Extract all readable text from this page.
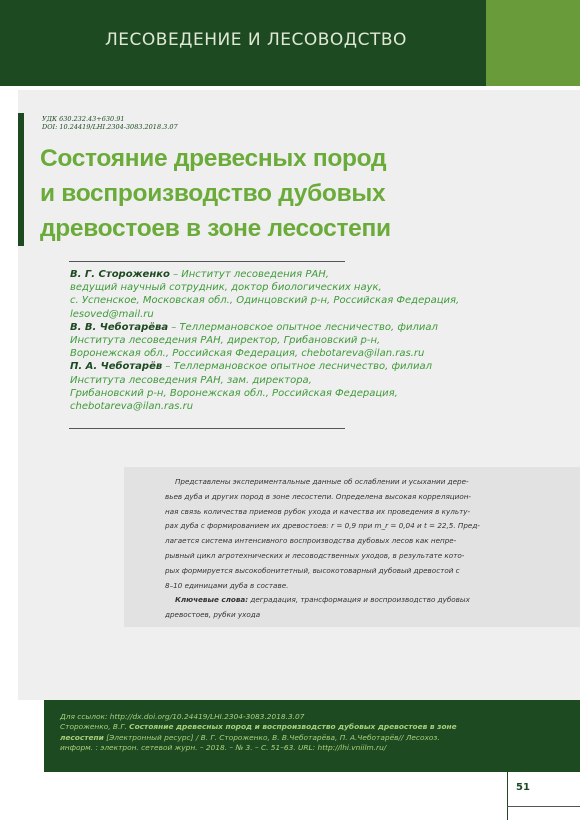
ЛЕСОВЕДЕНИЕ И ЛЕСОВОДСТВО
УДК 630.232.43+630.91
DOI: 10.24419/LHI.2304-3083.2018.3.07
Состояние древесных пород
и воспроизводство дубовых
древостоев в зоне лесостепи
В. Г. Стороженко – Институт лесоведения РАН,
ведущий научный сотрудник, доктор биологических наук,
с. Успенское, Московская обл., Одинцовский р-н, Российская Федерация,
lesoved@mail.ru
В. В. Чеботарёва – Теллермановское опытное лесничество, филиал
Института лесоведения РАН, директор, Грибановский р-н,
Воронежская обл., Российская Федерация, chebotareva@ilan.ras.ru
П. А. Чеботарёв – Теллермановское опытное лесничество, филиал
Института лесоведения РАН, зам. директора,
Грибановский р-н, Воронежская обл., Российская Федерация,
chebotareva@ilan.ras.ru

Представлены экспериментальные данные об ослаблении и усыхании дере-
вьев дуба и других пород в зоне лесостепи. Определена высокая корреляцион-
ная связь количества приемов рубок ухода и качества их проведения в культу-
рах дуба с формированием их древостоев: r = 0,9 при m_r = 0,04 и t = 22,5. Пред-
лагается система интенсивного воспроизводства дубовых лесов как непре-
рывный цикл агротехнических и лесоводственных уходов, в результате кото-
рых формируется высокобонитетный, высокотоварный дубовый древостой с
8–10 единицами дуба в составе.

Ключевые слова: деградация, трансформация и воспроизводство дубовых
древостоев, рубки ухода

Для ссылок: http://dx.doi.org/10.24419/LHI.2304-3083.2018.3.07

Стороженко, В.Г. Состояние древесных пород и воспроизводство дубовых древостоев в зоне

лесостепи [Электронный ресурс] / В. Г. Стороженко, В. В.Чеботарёва, П. А.Чеботарёв// Лесохоз.

информ. : электрон. сетевой журн. – 2018. – № 3. – С. 51–63. URL: http://lhi.vniilm.ru/

51
